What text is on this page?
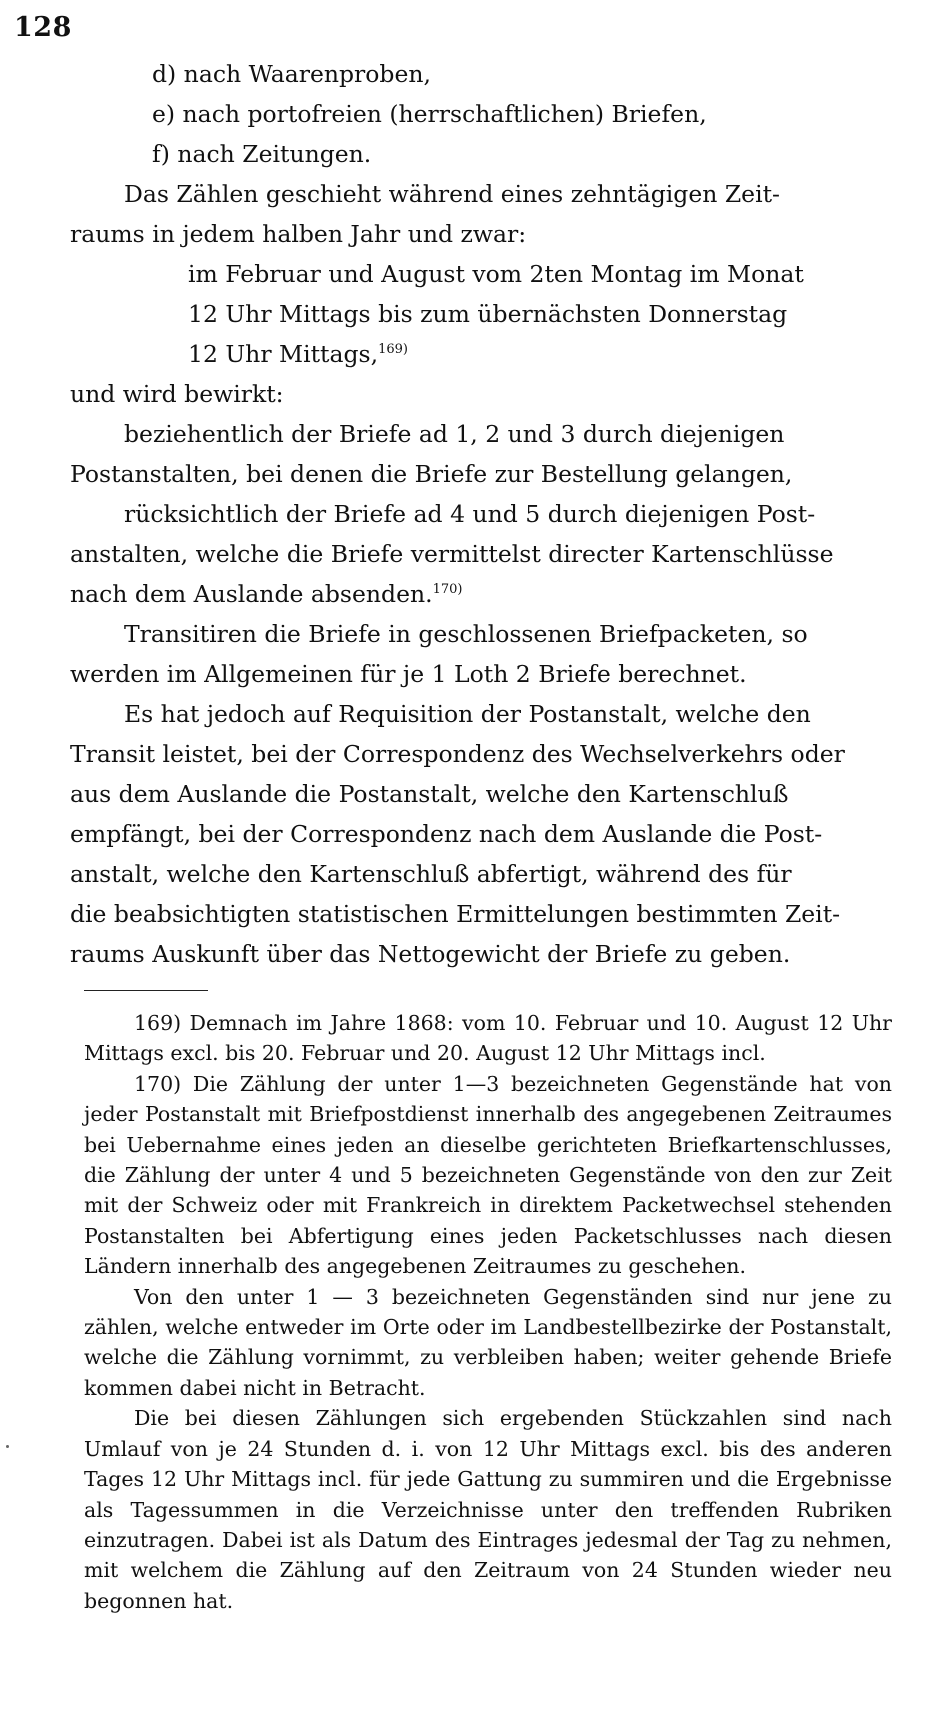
128
d) nach Waarenproben,
e) nach portofreien (herrschaftlichen) Briefen,
f) nach Zeitungen.
Das Zählen geschieht während eines zehntägigen Zeit-
raums in jedem halben Jahr und zwar:
im Februar und August vom 2ten Montag im Monat
12 Uhr Mittags bis zum übernächsten Donnerstag
12 Uhr Mittags,$^{169)}$
und wird bewirkt:
beziehentlich der Briefe ad 1, 2 und 3 durch diejenigen
Postanstalten, bei denen die Briefe zur Bestellung gelangen,
rücksichtlich der Briefe ad 4 und 5 durch diejenigen Post-
anstalten, welche die Briefe vermittelst directer Kartenschlüsse
nach dem Auslande absenden.$^{170)}$
Transitiren die Briefe in geschlossenen Briefpacketen, so
werden im Allgemeinen für je 1 Loth 2 Briefe berechnet.
Es hat jedoch auf Requisition der Postanstalt, welche den
Transit leistet, bei der Correspondenz des Wechselverkehrs oder
aus dem Auslande die Postanstalt, welche den Kartenschluß
empfängt, bei der Correspondenz nach dem Auslande die Post-
anstalt, welche den Kartenschluß abfertigt, während des für
die beabsichtigten statistischen Ermittelungen bestimmten Zeit-
raums Auskunft über das Nettogewicht der Briefe zu geben.

169) Demnach im Jahre 1868: vom 10. Februar und 10. August 12 Uhr Mittags excl. bis 20. Februar und 20. August 12 Uhr Mittags incl.

170) Die Zählung der unter 1—3 bezeichneten Gegenstände hat von jeder Postanstalt mit Briefpostdienst innerhalb des angegebenen Zeitraumes bei Uebernahme eines jeden an dieselbe gerichteten Briefkartenschlusses, die Zählung der unter 4 und 5 bezeichneten Gegenstände von den zur Zeit mit der Schweiz oder mit Frankreich in direktem Packetwechsel stehenden Postanstalten bei Abfertigung eines jeden Packetschlusses nach diesen Ländern innerhalb des angegebenen Zeitraumes zu geschehen.

Von den unter 1 — 3 bezeichneten Gegenständen sind nur jene zu zählen, welche entweder im Orte oder im Landbestellbezirke der Postanstalt, welche die Zählung vornimmt, zu verbleiben haben; weiter gehende Briefe kommen dabei nicht in Betracht.

Die bei diesen Zählungen sich ergebenden Stückzahlen sind nach Umlauf von je 24 Stunden d. i. von 12 Uhr Mittags excl. bis des anderen Tages 12 Uhr Mittags incl. für jede Gattung zu summiren und die Ergebnisse als Tagessummen in die Verzeichnisse unter den treffenden Rubriken einzutragen. Dabei ist als Datum des Eintrages jedesmal der Tag zu nehmen, mit welchem die Zählung auf den Zeitraum von 24 Stunden wieder neu begonnen hat.
